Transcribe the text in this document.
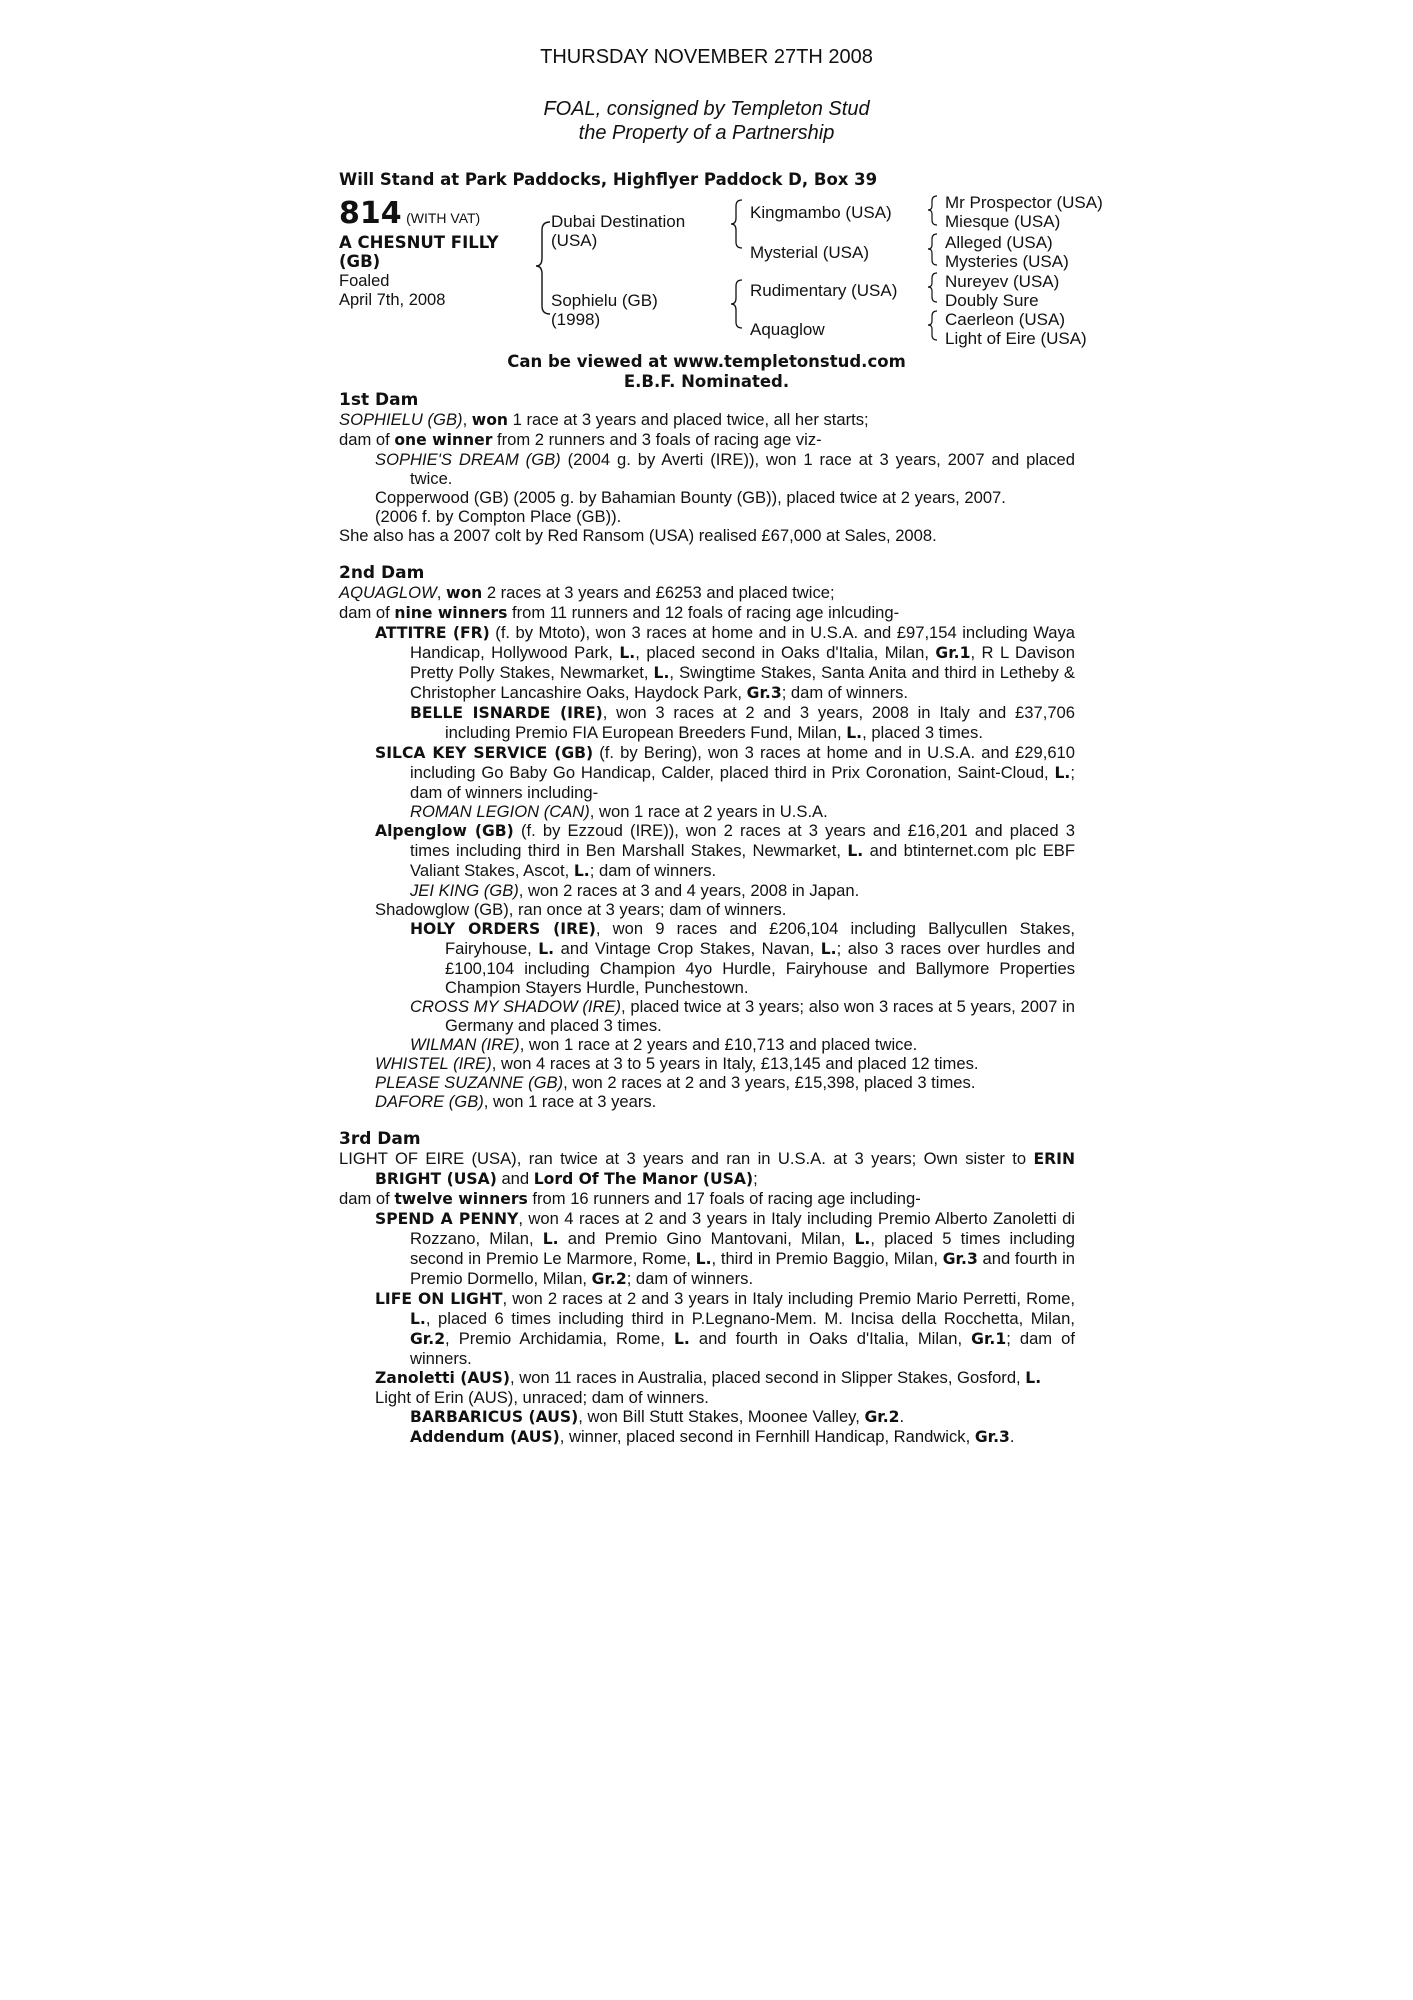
THURSDAY NOVEMBER 27TH 2008
FOAL, consigned by Templeton Stud
the Property of a Partnership
Will Stand at Park Paddocks, Highflyer Paddock D, Box 39
814 (WITH VAT)
A CHESNUT FILLY
(GB)
Foaled
April 7th, 2008
Dubai Destination
(USA)
Sophielu (GB)
(1998)
Kingmambo (USA)
Mysterial (USA)
Rudimentary (USA)
Aquaglow
Mr Prospector (USA)
Miesque (USA)
Alleged (USA)
Mysteries (USA)
Nureyev (USA)
Doubly Sure
Caerleon (USA)
Light of Eire (USA)
Can be viewed at www.templetonstud.com
E.B.F. Nominated.
1st Dam

SOPHIELU (GB), won 1 race at 3 years and placed twice, all her starts;

dam of one winner from 2 runners and 3 foals of racing age viz-

SOPHIE'S DREAM (GB) (2004 g. by Averti (IRE)), won 1 race at 3 years, 2007 and placed twice.

Copperwood (GB) (2005 g. by Bahamian Bounty (GB)), placed twice at 2 years, 2007.

(2006 f. by Compton Place (GB)).

She also has a 2007 colt by Red Ransom (USA) realised £67,000 at Sales, 2008.

2nd Dam

AQUAGLOW, won 2 races at 3 years and £6253 and placed twice;

dam of nine winners from 11 runners and 12 foals of racing age inlcuding-

ATTITRE (FR) (f. by Mtoto), won 3 races at home and in U.S.A. and £97,154 including Waya Handicap, Hollywood Park, L., placed second in Oaks d'Italia, Milan, Gr.1, R L Davison Pretty Polly Stakes, Newmarket, L., Swingtime Stakes, Santa Anita and third in Letheby & Christopher Lancashire Oaks, Haydock Park, Gr.3; dam of winners.

BELLE ISNARDE (IRE), won 3 races at 2 and 3 years, 2008 in Italy and £37,706 including Premio FIA European Breeders Fund, Milan, L., placed 3 times.

SILCA KEY SERVICE (GB) (f. by Bering), won 3 races at home and in U.S.A. and £29,610 including Go Baby Go Handicap, Calder, placed third in Prix Coronation, Saint-Cloud, L.; dam of winners including-

ROMAN LEGION (CAN), won 1 race at 2 years in U.S.A.

Alpenglow (GB) (f. by Ezzoud (IRE)), won 2 races at 3 years and £16,201 and placed 3 times including third in Ben Marshall Stakes, Newmarket, L. and btinternet.com plc EBF Valiant Stakes, Ascot, L.; dam of winners.

JEI KING (GB), won 2 races at 3 and 4 years, 2008 in Japan.

Shadowglow (GB), ran once at 3 years; dam of winners.

HOLY ORDERS (IRE), won 9 races and £206,104 including Ballycullen Stakes, Fairyhouse, L. and Vintage Crop Stakes, Navan, L.; also 3 races over hurdles and £100,104 including Champion 4yo Hurdle, Fairyhouse and Ballymore Properties Champion Stayers Hurdle, Punchestown.

CROSS MY SHADOW (IRE), placed twice at 3 years; also won 3 races at 5 years, 2007 in Germany and placed 3 times.

WILMAN (IRE), won 1 race at 2 years and £10,713 and placed twice.

WHISTEL (IRE), won 4 races at 3 to 5 years in Italy, £13,145 and placed 12 times.

PLEASE SUZANNE (GB), won 2 races at 2 and 3 years, £15,398, placed 3 times.

DAFORE (GB), won 1 race at 3 years.

3rd Dam

LIGHT OF EIRE (USA), ran twice at 3 years and ran in U.S.A. at 3 years; Own sister to ERIN BRIGHT (USA) and Lord Of The Manor (USA);

dam of twelve winners from 16 runners and 17 foals of racing age including-

SPEND A PENNY, won 4 races at 2 and 3 years in Italy including Premio Alberto Zanoletti di Rozzano, Milan, L. and Premio Gino Mantovani, Milan, L., placed 5 times including second in Premio Le Marmore, Rome, L., third in Premio Baggio, Milan, Gr.3 and fourth in Premio Dormello, Milan, Gr.2; dam of winners.

LIFE ON LIGHT, won 2 races at 2 and 3 years in Italy including Premio Mario Perretti, Rome, L., placed 6 times including third in P.Legnano-Mem. M. Incisa della Rocchetta, Milan, Gr.2, Premio Archidamia, Rome, L. and fourth in Oaks d'Italia, Milan, Gr.1; dam of winners.

Zanoletti (AUS), won 11 races in Australia, placed second in Slipper Stakes, Gosford, L.

Light of Erin (AUS), unraced; dam of winners.

BARBARICUS (AUS), won Bill Stutt Stakes, Moonee Valley, Gr.2.

Addendum (AUS), winner, placed second in Fernhill Handicap, Randwick, Gr.3.
